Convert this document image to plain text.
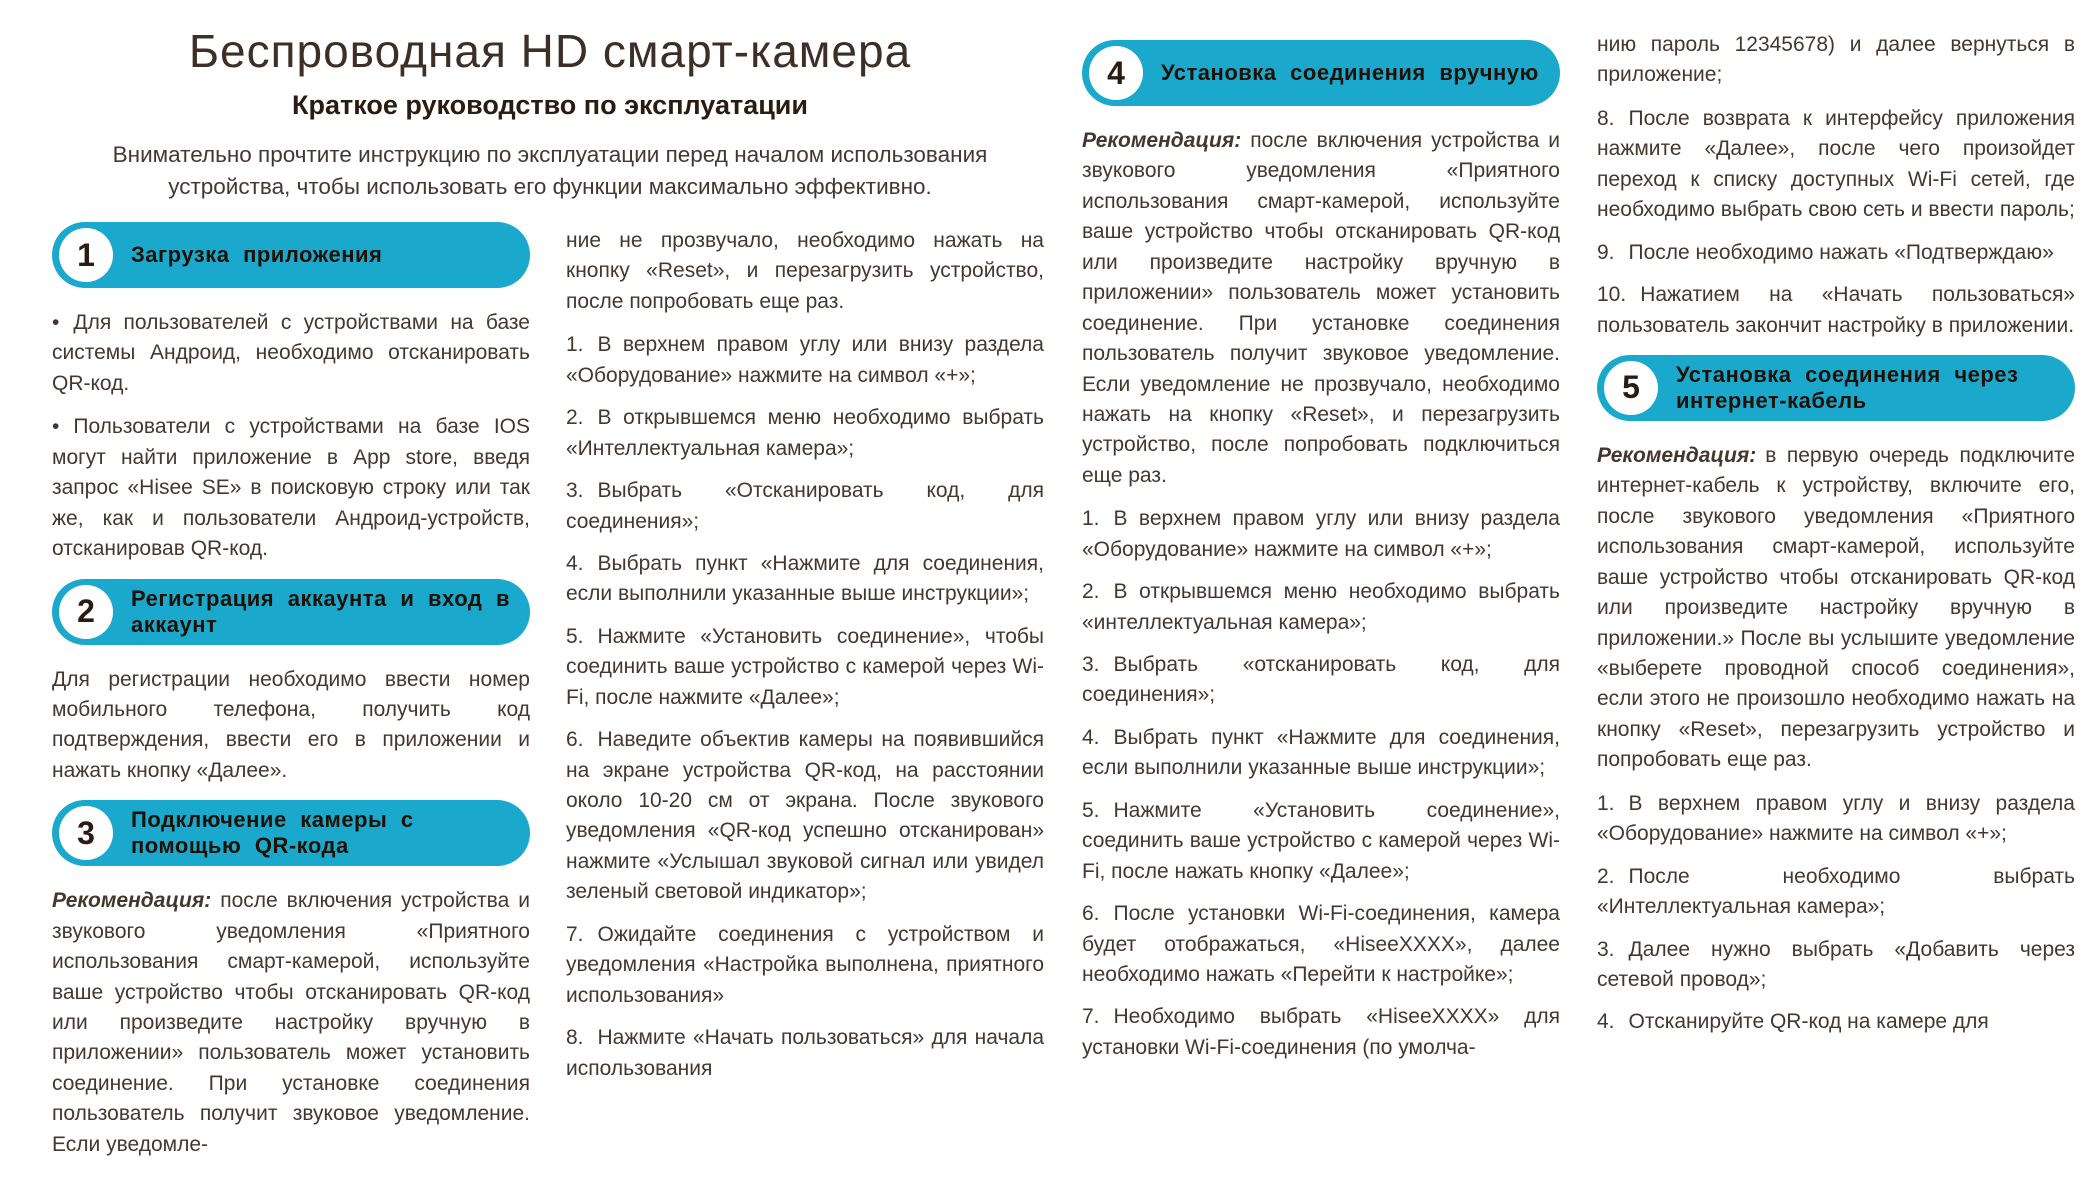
Беспроводная HD смарт-камера
Краткое руководство по эксплуатации
Внимательно прочтите инструкцию по эксплуатации перед началом использования устройства, чтобы использовать его функции максимально эффективно.
1	Загрузка приложения

• Для пользователей с устройствами на базе системы Андроид, необходимо отсканировать QR-код.

• Пользователи с устройствами на базе IOS могут найти приложение в App store, введя запрос «Hisee SE» в поисковую строку или так же, как и пользователи Андроид-устройств, отсканировав QR-код.

2	Регистрация аккаунта и вход в аккаунт

Для регистрации необходимо ввести номер мобильного телефона, получить код подтверждения, ввести его в приложении и нажать кнопку «Далее».

3	Подключение камеры с помощью QR-кода

Рекомендация: после включения устройства и звукового уведомления «Приятного использования смарт-камерой, используйте ваше устройство чтобы отсканировать QR-код или произведите настройку вручную в приложении» пользователь может установить соединение. При установке соединения пользователь получит звуковое уведомление. Если уведомле-

ние не прозвучало, необходимо нажать на кнопку «Reset», и перезагрузить устройство, после попробовать еще раз.

1. В верхнем правом углу или внизу раздела «Оборудование» нажмите на символ «+»;

2. В открывшемся меню необходимо выбрать «Интеллектуальная камера»;

3. Выбрать «Отсканировать код, для соединения»;

4. Выбрать пункт «Нажмите для соединения, если выполнили указанные выше инструкции»;

5. Нажмите «Установить соединение», чтобы соединить ваше устройство с камерой через Wi-Fi, после нажмите «Далее»;

6. Наведите объектив камеры на появившийся на экране устройства QR-код, на расстоянии около 10-20 см от экрана. После звукового уведомления «QR-код успешно отсканирован» нажмите «Услышал звуковой сигнал или увидел зеленый световой индикатор»;

7. Ожидайте соединения с устройством и уведомления «Настройка выполнена, приятного использования»

8. Нажмите «Начать пользоваться» для начала использования

4	Установка соединения вручную

Рекомендация: после включения устройства и звукового уведомления «Приятного использования смарт-камерой, используйте ваше устройство чтобы отсканировать QR-код или произведите настройку вручную в приложении» пользователь может установить соединение. При установке соединения пользователь получит звуковое уведомление. Если уведомление не прозвучало, необходимо нажать на кнопку «Reset», и перезагрузить устройство, после попробовать подключиться еще раз.

1. В верхнем правом углу или внизу раздела «Оборудование» нажмите на символ «+»;

2. В открывшемся меню необходимо выбрать «интеллектуальная камера»;

3. Выбрать «отсканировать код, для соединения»;

4. Выбрать пункт «Нажмите для соединения, если выполнили указанные выше инструкции»;

5. Нажмите «Установить соединение», соединить ваше устройство с камерой через Wi-Fi, после нажать кнопку «Далее»;

6. После установки Wi-Fi-соединения, камера будет отображаться, «HiseeXXXX», далее необходимо нажать «Перейти к настройке»;

7. Необходимо выбрать «HiseeXXXX» для установки Wi-Fi-соединения (по умолча-

нию пароль 12345678) и далее вернуться в приложение;

8. После возврата к интерфейсу приложения нажмите «Далее», после чего произойдет переход к списку доступных Wi-Fi сетей, где необходимо выбрать свою сеть и ввести пароль;

9. После необходимо нажать «Подтверждаю»

10. Нажатием на «Начать пользоваться» пользователь закончит настройку в приложении.

5	Установка соединения через интернет-кабель

Рекомендация: в первую очередь подключите интернет-кабель к устройству, включите его, после звукового уведомления «Приятного использования смарт-камерой, используйте ваше устройство чтобы отсканировать QR-код или произведите настройку вручную в приложении.» После вы услышите уведомление «выберете проводной способ соединения», если этого не произошло необходимо нажать на кнопку «Reset», перезагрузить устройство и попробовать еще раз.

1. В верхнем правом углу и внизу раздела «Оборудование» нажмите на символ «+»;

2. После необходимо выбрать «Интеллектуальная камера»;

3. Далее нужно выбрать «Добавить через сетевой провод»;

4. Отсканируйте QR-код на камере для
